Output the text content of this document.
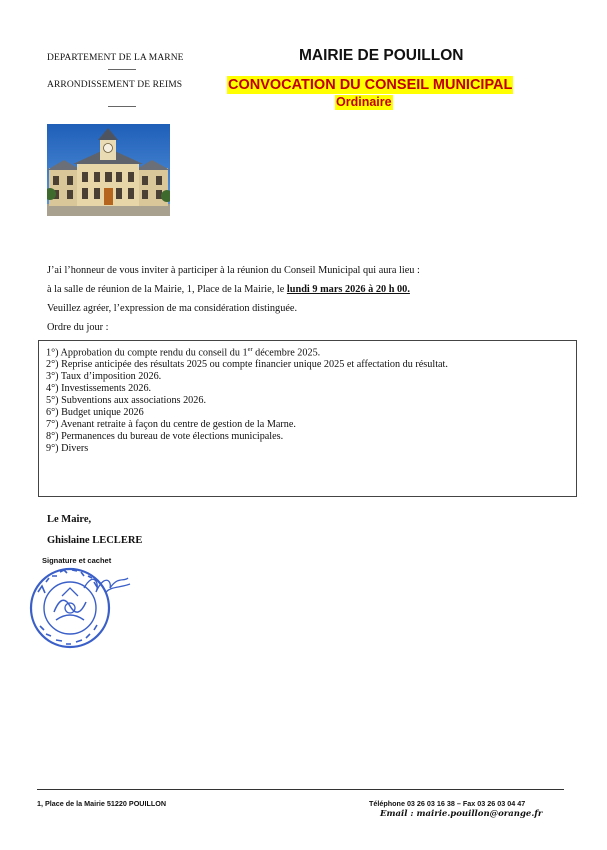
DEPARTEMENT DE LA MARNE
ARRONDISSEMENT DE REIMS
MAIRIE DE POUILLON
CONVOCATION DU CONSEIL MUNICIPAL
Ordinaire
J’ai l’honneur de vous inviter à participer à la réunion du Conseil Municipal qui aura lieu :
à la salle de réunion de la Mairie, 1, Place de la Mairie, le lundi 9 mars 2026 à 20 h 00.
Veuillez agréer, l’expression de ma considération distinguée.
Ordre du jour :
1°) Approbation du compte rendu du conseil du 1er décembre 2025.
2°) Reprise anticipée des résultats 2025 ou compte financier unique 2025 et affectation du résultat.
3°) Taux d’imposition 2026.
4°) Investissements 2026.
5°) Subventions aux associations 2026.
6°) Budget unique 2026
7°) Avenant retraite à façon du centre de gestion de la Marne.
8°) Permanences du bureau de vote élections municipales.
9°) Divers
Le Maire,
Ghislaine LECLERE
Signature et cachet
1, Place de la Mairie 51220 POUILLON	Téléphone 03 26 03 16 38 – Fax 03 26 03 04 47
Email : mairie.pouillon@orange.fr
